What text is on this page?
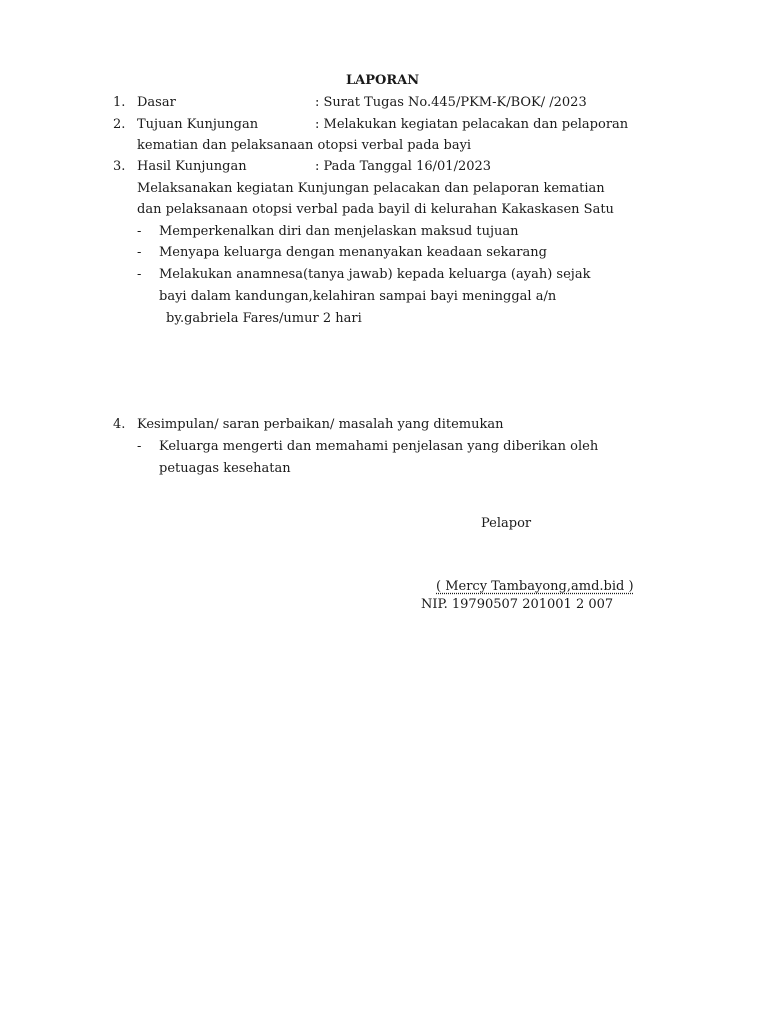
LAPORAN
1. Dasar	: Surat Tugas No.445/PKM-K/BOK/ /2023
2. Tujuan Kunjungan	: Melakukan kegiatan pelacakan dan pelaporan
kematian dan pelaksanaan otopsi verbal pada bayi
3. Hasil Kunjungan	: Pada Tanggal 16/01/2023
Melaksanakan kegiatan Kunjungan pelacakan dan pelaporan kematian
dan pelaksanaan otopsi verbal pada bayil di kelurahan Kakaskasen Satu
- Memperkenalkan diri dan menjelaskan maksud tujuan
- Menyapa keluarga dengan menanyakan keadaan sekarang
- Melakukan anamnesa(tanya jawab) kepada keluarga (ayah) sejak
bayi dalam kandungan,kelahiran sampai bayi meninggal a/n
by.gabriela Fares/umur 2 hari
4. Kesimpulan/ saran perbaikan/ masalah yang ditemukan
- Keluarga mengerti dan memahami penjelasan yang diberikan oleh
petuagas kesehatan
Pelapor
( Mercy Tambayong,amd.bid )
NIP. 19790507 201001 2 007
